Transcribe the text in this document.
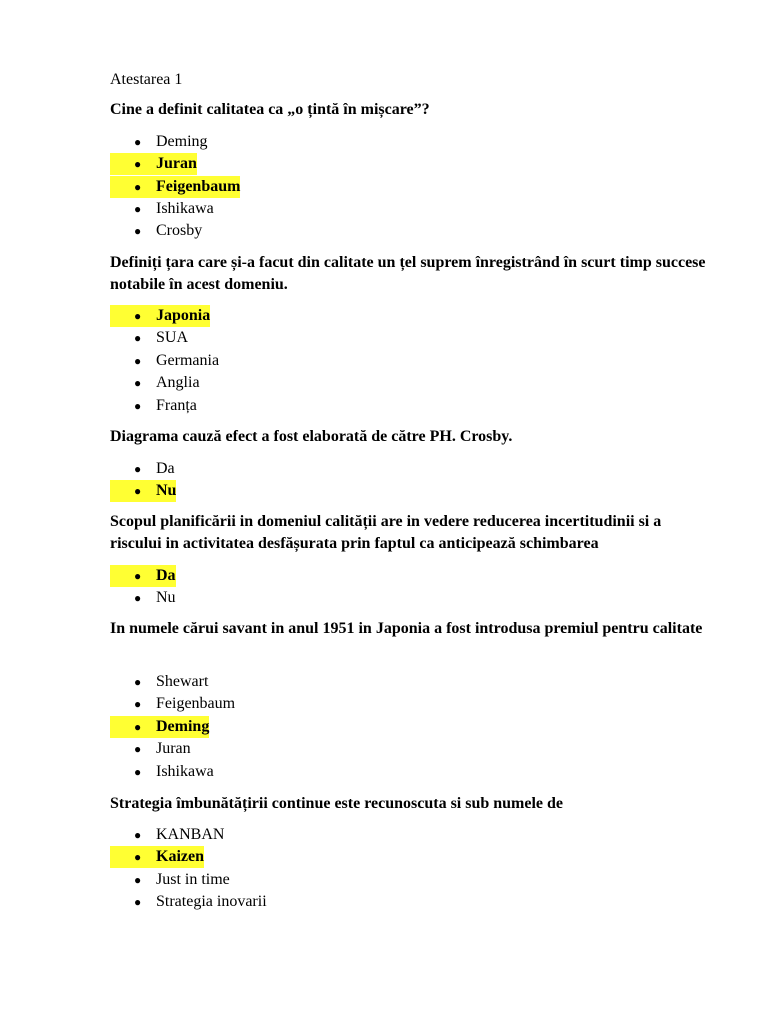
Atestarea 1
Cine a definit calitatea ca „o țintă în mișcare”?
● Deming
● Juran
● Feigenbaum
● Ishikawa
● Crosby
Definiți țara care și-a facut din calitate un țel suprem înregistrând în scurt timp succese notabile în acest domeniu.
● Japonia
● SUA
● Germania
● Anglia
● Franța
Diagrama cauză efect a fost elaborată de către PH. Crosby.
● Da
● Nu
Scopul planificării in domeniul calității are in vedere reducerea incertitudinii si a riscului in activitatea desfășurata prin faptul ca anticipează schimbarea
● Da
● Nu
In numele cărui savant in anul 1951 in Japonia a fost introdusa premiul pentru calitate
● Shewart
● Feigenbaum
● Deming
● Juran
● Ishikawa
Strategia îmbunătățirii continue este recunoscuta si sub numele de
● KANBAN
● Kaizen
● Just in time
● Strategia inovarii
